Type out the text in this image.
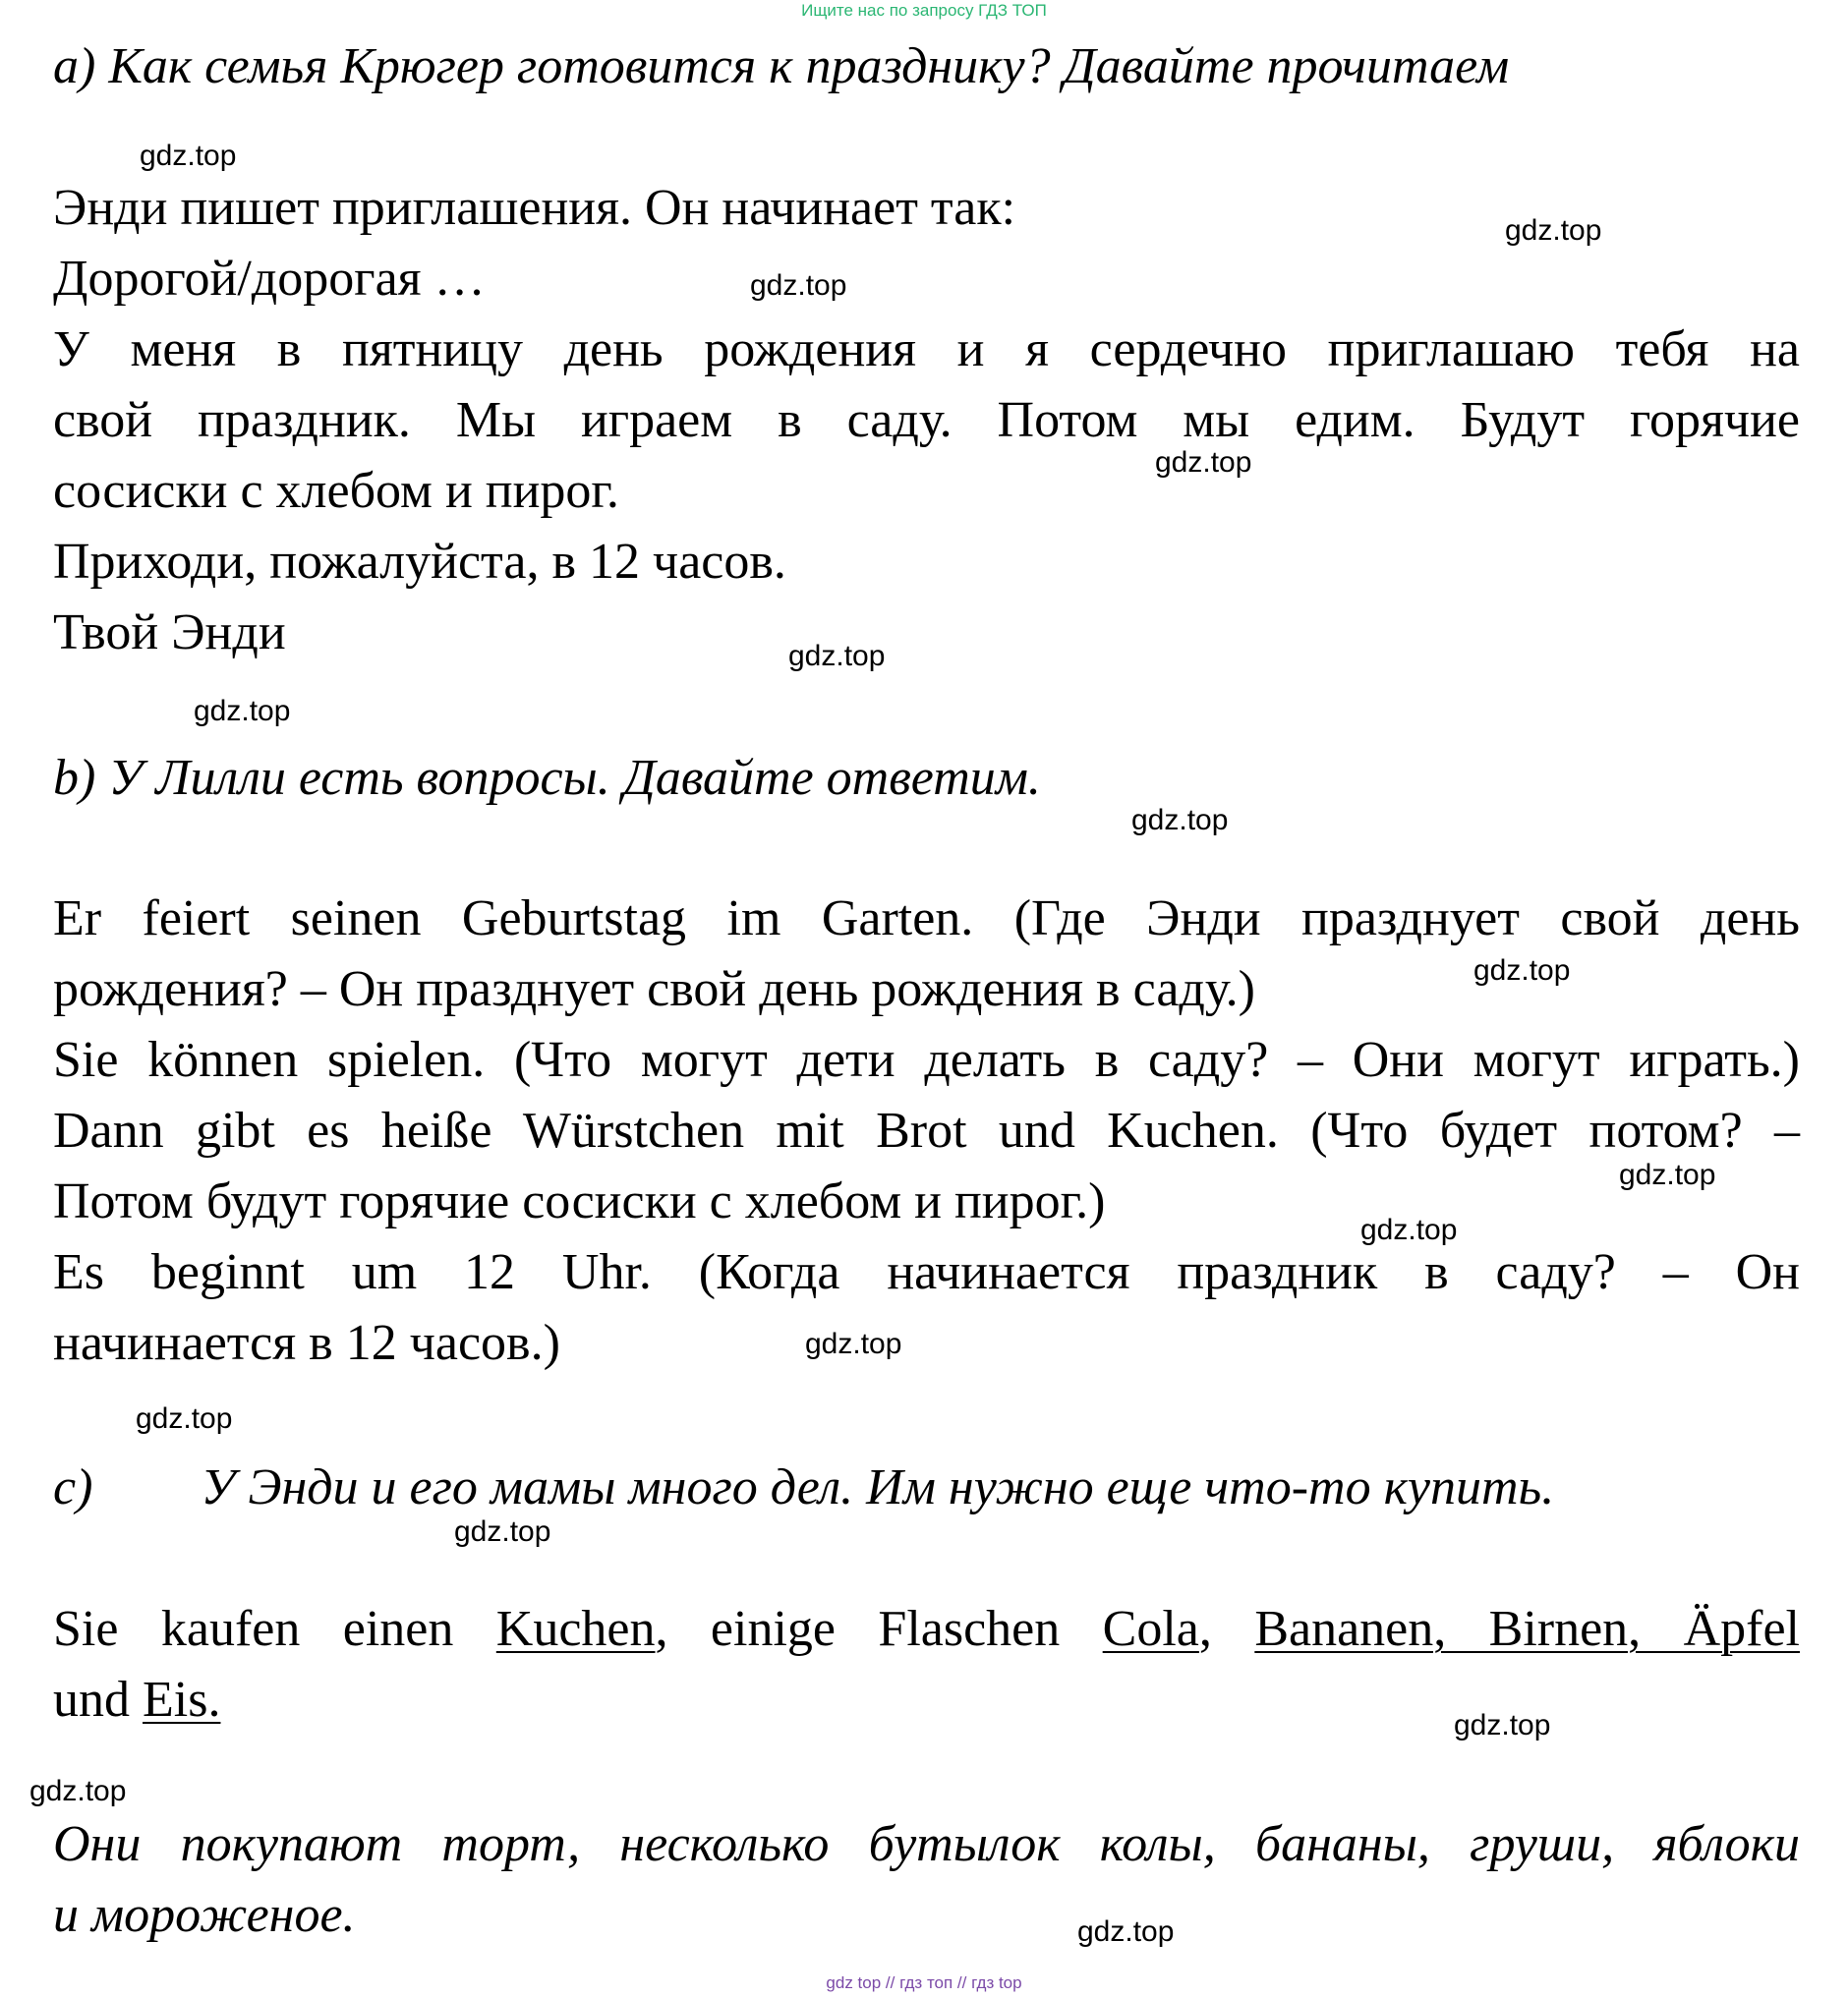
Ищите нас по запросу ГДЗ ТОП
a) Как семья Крюгер готовится к празднику? Давайте прочитаем
Энди пишет приглашения. Он начинает так:
Дорогой/дорогая …
У меня в пятницу день рождения и я сердечно приглашаю тебя на
свой праздник. Мы играем в саду. Потом мы едим. Будут горячие
сосиски с хлебом и пирог.
Приходи, пожалуйста, в 12 часов.
Твой Энди
b) У Лилли есть вопросы. Давайте ответим.
Er feiert seinen Geburtstag im Garten. (Где Энди празднует свой день
рождения? – Он празднует свой день рождения в саду.)
Sie können spielen. (Что могут дети делать в саду? – Они могут играть.)
Dann gibt es heiße Würstchen mit Brot und Kuchen. (Что будет потом? –
Потом будут горячие сосиски с хлебом и пирог.)
Es beginnt um 12 Uhr. (Когда начинается праздник в саду? – Он
начинается в 12 часов.)
c) У Энди и его мамы много дел. Им нужно еще что-то купить.
Sie kaufen einen Kuchen, einige Flaschen Cola, Bananen, Birnen, Äpfel
und Eis.
Они покупают торт, несколько бутылок колы, бананы, груши, яблоки
и мороженое.
gdz.top
gdz.top
gdz.top
gdz.top
gdz.top
gdz.top
gdz.top
gdz.top
gdz.top
gdz.top
gdz.top
gdz.top
gdz.top
gdz.top
gdz.top
gdz.top
gdz top // гдз топ // гдз top
